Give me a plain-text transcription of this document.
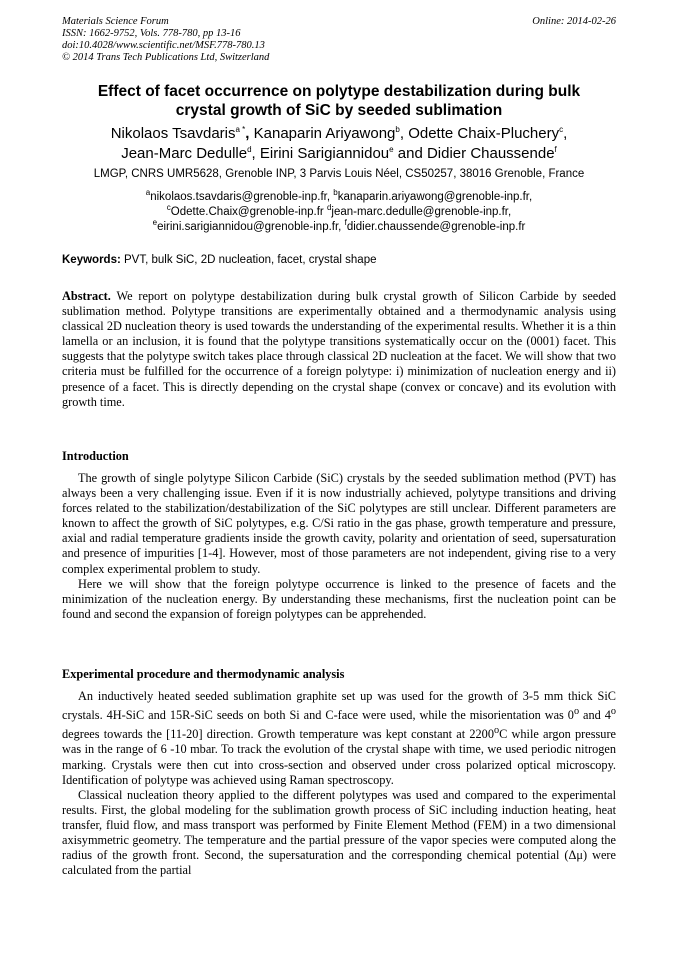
Materials Science Forum
ISSN: 1662-9752, Vols. 778-780, pp 13-16
doi:10.4028/www.scientific.net/MSF.778-780.13
© 2014 Trans Tech Publications Ltd, Switzerland
Online: 2014-02-26
Effect of facet occurrence on polytype destabilization during bulk
crystal growth of SiC by seeded sublimation
Nikolaos Tsavdaris$^{a *}$, Kanaparin Ariyawong$^b$, Odette Chaix-Pluchery$^c$,
Jean-Marc Dedulle$^d$, Eirini Sarigiannidou$^e$ and Didier Chaussende$^f$
LMGP, CNRS UMR5628, Grenoble INP, 3 Parvis Louis Néel, CS50257, 38016 Grenoble, France
$^a$nikolaos.tsavdaris@grenoble-inp.fr, $^b$kanaparin.ariyawong@grenoble-inp.fr,
$^c$Odette.Chaix@grenoble-inp.fr $^d$jean-marc.dedulle@grenoble-inp.fr,
$^e$eirini.sarigiannidou@grenoble-inp.fr, $^f$didier.chaussende@grenoble-inp.fr
Keywords: PVT, bulk SiC, 2D nucleation, facet, crystal shape

Abstract. We report on polytype destabilization during bulk crystal growth of Silicon Carbide by seeded sublimation method. Polytype transitions are experimentally obtained and a thermodynamic analysis using classical 2D nucleation theory is used towards the understanding of the experimental results. Whether it is a thin lamella or an inclusion, it is found that the polytype transitions systematically occur on the (0001) facet. This suggests that the polytype switch takes place through classical 2D nucleation at the facet. We will show that two criteria must be fulfilled for the occurrence of a foreign polytype: i) minimization of nucleation energy and ii) presence of a facet. This is directly depending on the crystal shape (convex or concave) and its evolution with growth time.

Introduction

The growth of single polytype Silicon Carbide (SiC) crystals by the seeded sublimation method (PVT) has always been a very challenging issue. Even if it is now industrially achieved, polytype transitions and driving forces related to the stabilization/destabilization of the SiC polytypes are still unclear. Different parameters are known to affect the growth of SiC polytypes, e.g. C/Si ratio in the gas phase, growth temperature and pressure, axial and radial temperature gradients inside the growth cavity, polarity and orientation of seed, supersaturation and presence of impurities [1-4]. However, most of those parameters are not independent, giving rise to a very complex experimental problem to study.

Here we will show that the foreign polytype occurrence is linked to the presence of facets and the minimization of the nucleation energy. By understanding these mechanisms, first the nucleation point can be found and second the expansion of foreign polytypes can be apprehended.

Experimental procedure and thermodynamic analysis

An inductively heated seeded sublimation graphite set up was used for the growth of 3-5 mm thick SiC crystals. 4H-SiC and 15R-SiC seeds on both Si and C-face were used, while the misorientation was 0$^o$ and 4$^o$ degrees towards the [11-20] direction. Growth temperature was kept constant at 2200$^o$C while argon pressure was in the range of 6 -10 mbar. To track the evolution of the crystal shape with time, we used periodic nitrogen marking. Crystals were then cut into cross-section and observed under cross polarized optical microscopy. Identification of polytype was achieved using Raman spectroscopy.

Classical nucleation theory applied to the different polytypes was used and compared to the experimental results. First, the global modeling for the sublimation growth process of SiC including induction heating, heat transfer, fluid flow, and mass transport was performed by Finite Element Method (FEM) in a two dimensional axisymmetric geometry. The temperature and the partial pressure of the vapor species were computed along the radius of the growth front. Second, the supersaturation and the corresponding chemical potential (Δμ) were calculated from the partial
